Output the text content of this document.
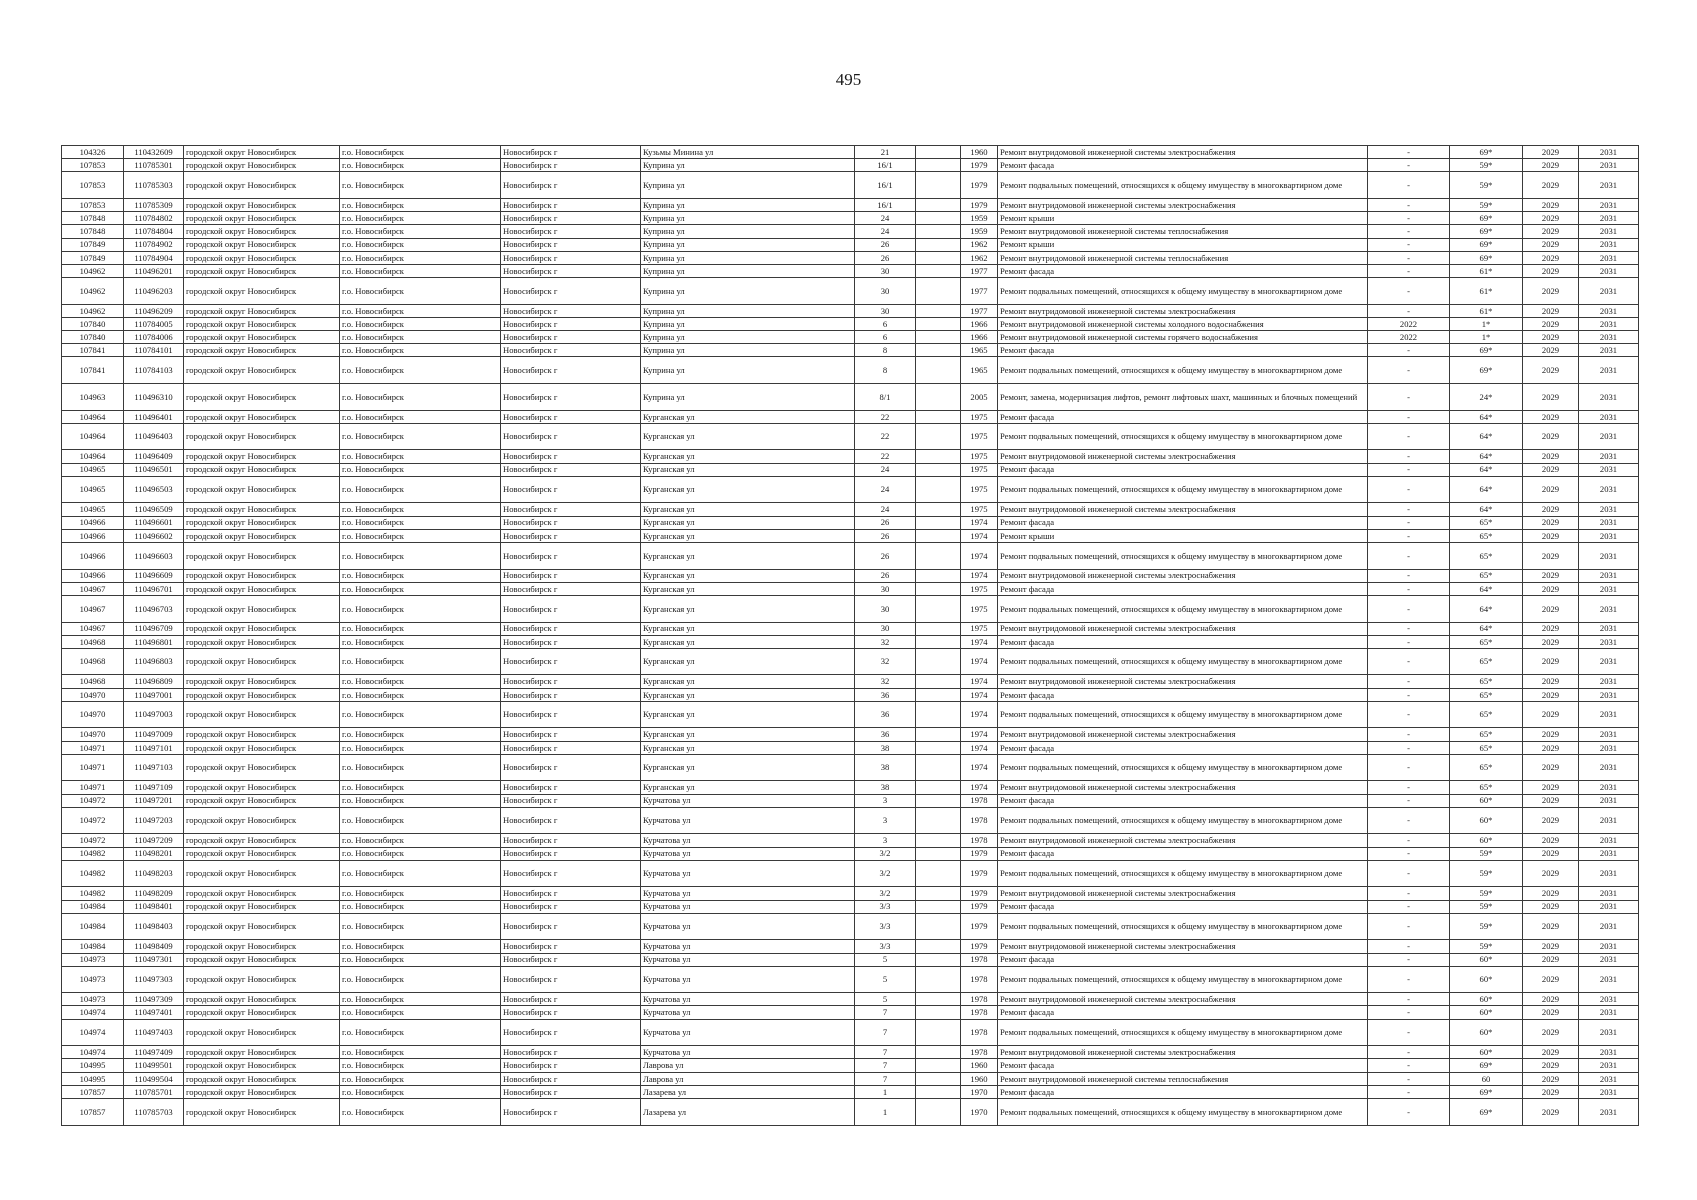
495
104326	110432609	городской округ Новосибирск	г.о. Новосибирск	Новосибирск г	Кузьмы Минина ул	21		1960	Ремонт внутридомовой инженерной системы электроснабжения	-	69*	2029	2031
107853	110785301	городской округ Новосибирск	г.о. Новосибирск	Новосибирск г	Куприна ул	16/1		1979	Ремонт фасада	-	59*	2029	2031
107853	110785303	городской округ Новосибирск	г.о. Новосибирск	Новосибирск г	Куприна ул	16/1		1979	Ремонт подвальных помещений, относящихся к общему имуществу в многоквартирном доме	-	59*	2029	2031
107853	110785309	городской округ Новосибирск	г.о. Новосибирск	Новосибирск г	Куприна ул	16/1		1979	Ремонт внутридомовой инженерной системы электроснабжения	-	59*	2029	2031
107848	110784802	городской округ Новосибирск	г.о. Новосибирск	Новосибирск г	Куприна ул	24		1959	Ремонт крыши	-	69*	2029	2031
107848	110784804	городской округ Новосибирск	г.о. Новосибирск	Новосибирск г	Куприна ул	24		1959	Ремонт внутридомовой инженерной системы теплоснабжения	-	69*	2029	2031
107849	110784902	городской округ Новосибирск	г.о. Новосибирск	Новосибирск г	Куприна ул	26		1962	Ремонт крыши	-	69*	2029	2031
107849	110784904	городской округ Новосибирск	г.о. Новосибирск	Новосибирск г	Куприна ул	26		1962	Ремонт внутридомовой инженерной системы теплоснабжения	-	69*	2029	2031
104962	110496201	городской округ Новосибирск	г.о. Новосибирск	Новосибирск г	Куприна ул	30		1977	Ремонт фасада	-	61*	2029	2031
104962	110496203	городской округ Новосибирск	г.о. Новосибирск	Новосибирск г	Куприна ул	30		1977	Ремонт подвальных помещений, относящихся к общему имуществу в многоквартирном доме	-	61*	2029	2031
104962	110496209	городской округ Новосибирск	г.о. Новосибирск	Новосибирск г	Куприна ул	30		1977	Ремонт внутридомовой инженерной системы электроснабжения	-	61*	2029	2031
107840	110784005	городской округ Новосибирск	г.о. Новосибирск	Новосибирск г	Куприна ул	6		1966	Ремонт внутридомовой инженерной системы холодного водоснабжения	2022	1*	2029	2031
107840	110784006	городской округ Новосибирск	г.о. Новосибирск	Новосибирск г	Куприна ул	6		1966	Ремонт внутридомовой инженерной системы горячего водоснабжения	2022	1*	2029	2031
107841	110784101	городской округ Новосибирск	г.о. Новосибирск	Новосибирск г	Куприна ул	8		1965	Ремонт фасада	-	69*	2029	2031
107841	110784103	городской округ Новосибирск	г.о. Новосибирск	Новосибирск г	Куприна ул	8		1965	Ремонт подвальных помещений, относящихся к общему имуществу в многоквартирном доме	-	69*	2029	2031
104963	110496310	городской округ Новосибирск	г.о. Новосибирск	Новосибирск г	Куприна ул	8/1		2005	Ремонт, замена, модернизация лифтов, ремонт лифтовых шахт, машинных и блочных помещений	-	24*	2029	2031
104964	110496401	городской округ Новосибирск	г.о. Новосибирск	Новосибирск г	Курганская ул	22		1975	Ремонт фасада	-	64*	2029	2031
104964	110496403	городской округ Новосибирск	г.о. Новосибирск	Новосибирск г	Курганская ул	22		1975	Ремонт подвальных помещений, относящихся к общему имуществу в многоквартирном доме	-	64*	2029	2031
104964	110496409	городской округ Новосибирск	г.о. Новосибирск	Новосибирск г	Курганская ул	22		1975	Ремонт внутридомовой инженерной системы электроснабжения	-	64*	2029	2031
104965	110496501	городской округ Новосибирск	г.о. Новосибирск	Новосибирск г	Курганская ул	24		1975	Ремонт фасада	-	64*	2029	2031
104965	110496503	городской округ Новосибирск	г.о. Новосибирск	Новосибирск г	Курганская ул	24		1975	Ремонт подвальных помещений, относящихся к общему имуществу в многоквартирном доме	-	64*	2029	2031
104965	110496509	городской округ Новосибирск	г.о. Новосибирск	Новосибирск г	Курганская ул	24		1975	Ремонт внутридомовой инженерной системы электроснабжения	-	64*	2029	2031
104966	110496601	городской округ Новосибирск	г.о. Новосибирск	Новосибирск г	Курганская ул	26		1974	Ремонт фасада	-	65*	2029	2031
104966	110496602	городской округ Новосибирск	г.о. Новосибирск	Новосибирск г	Курганская ул	26		1974	Ремонт крыши	-	65*	2029	2031
104966	110496603	городской округ Новосибирск	г.о. Новосибирск	Новосибирск г	Курганская ул	26		1974	Ремонт подвальных помещений, относящихся к общему имуществу в многоквартирном доме	-	65*	2029	2031
104966	110496609	городской округ Новосибирск	г.о. Новосибирск	Новосибирск г	Курганская ул	26		1974	Ремонт внутридомовой инженерной системы электроснабжения	-	65*	2029	2031
104967	110496701	городской округ Новосибирск	г.о. Новосибирск	Новосибирск г	Курганская ул	30		1975	Ремонт фасада	-	64*	2029	2031
104967	110496703	городской округ Новосибирск	г.о. Новосибирск	Новосибирск г	Курганская ул	30		1975	Ремонт подвальных помещений, относящихся к общему имуществу в многоквартирном доме	-	64*	2029	2031
104967	110496709	городской округ Новосибирск	г.о. Новосибирск	Новосибирск г	Курганская ул	30		1975	Ремонт внутридомовой инженерной системы электроснабжения	-	64*	2029	2031
104968	110496801	городской округ Новосибирск	г.о. Новосибирск	Новосибирск г	Курганская ул	32		1974	Ремонт фасада	-	65*	2029	2031
104968	110496803	городской округ Новосибирск	г.о. Новосибирск	Новосибирск г	Курганская ул	32		1974	Ремонт подвальных помещений, относящихся к общему имуществу в многоквартирном доме	-	65*	2029	2031
104968	110496809	городской округ Новосибирск	г.о. Новосибирск	Новосибирск г	Курганская ул	32		1974	Ремонт внутридомовой инженерной системы электроснабжения	-	65*	2029	2031
104970	110497001	городской округ Новосибирск	г.о. Новосибирск	Новосибирск г	Курганская ул	36		1974	Ремонт фасада	-	65*	2029	2031
104970	110497003	городской округ Новосибирск	г.о. Новосибирск	Новосибирск г	Курганская ул	36		1974	Ремонт подвальных помещений, относящихся к общему имуществу в многоквартирном доме	-	65*	2029	2031
104970	110497009	городской округ Новосибирск	г.о. Новосибирск	Новосибирск г	Курганская ул	36		1974	Ремонт внутридомовой инженерной системы электроснабжения	-	65*	2029	2031
104971	110497101	городской округ Новосибирск	г.о. Новосибирск	Новосибирск г	Курганская ул	38		1974	Ремонт фасада	-	65*	2029	2031
104971	110497103	городской округ Новосибирск	г.о. Новосибирск	Новосибирск г	Курганская ул	38		1974	Ремонт подвальных помещений, относящихся к общему имуществу в многоквартирном доме	-	65*	2029	2031
104971	110497109	городской округ Новосибирск	г.о. Новосибирск	Новосибирск г	Курганская ул	38		1974	Ремонт внутридомовой инженерной системы электроснабжения	-	65*	2029	2031
104972	110497201	городской округ Новосибирск	г.о. Новосибирск	Новосибирск г	Курчатова ул	3		1978	Ремонт фасада	-	60*	2029	2031
104972	110497203	городской округ Новосибирск	г.о. Новосибирск	Новосибирск г	Курчатова ул	3		1978	Ремонт подвальных помещений, относящихся к общему имуществу в многоквартирном доме	-	60*	2029	2031
104972	110497209	городской округ Новосибирск	г.о. Новосибирск	Новосибирск г	Курчатова ул	3		1978	Ремонт внутридомовой инженерной системы электроснабжения	-	60*	2029	2031
104982	110498201	городской округ Новосибирск	г.о. Новосибирск	Новосибирск г	Курчатова ул	3/2		1979	Ремонт фасада	-	59*	2029	2031
104982	110498203	городской округ Новосибирск	г.о. Новосибирск	Новосибирск г	Курчатова ул	3/2		1979	Ремонт подвальных помещений, относящихся к общему имуществу в многоквартирном доме	-	59*	2029	2031
104982	110498209	городской округ Новосибирск	г.о. Новосибирск	Новосибирск г	Курчатова ул	3/2		1979	Ремонт внутридомовой инженерной системы электроснабжения	-	59*	2029	2031
104984	110498401	городской округ Новосибирск	г.о. Новосибирск	Новосибирск г	Курчатова ул	3/3		1979	Ремонт фасада	-	59*	2029	2031
104984	110498403	городской округ Новосибирск	г.о. Новосибирск	Новосибирск г	Курчатова ул	3/3		1979	Ремонт подвальных помещений, относящихся к общему имуществу в многоквартирном доме	-	59*	2029	2031
104984	110498409	городской округ Новосибирск	г.о. Новосибирск	Новосибирск г	Курчатова ул	3/3		1979	Ремонт внутридомовой инженерной системы электроснабжения	-	59*	2029	2031
104973	110497301	городской округ Новосибирск	г.о. Новосибирск	Новосибирск г	Курчатова ул	5		1978	Ремонт фасада	-	60*	2029	2031
104973	110497303	городской округ Новосибирск	г.о. Новосибирск	Новосибирск г	Курчатова ул	5		1978	Ремонт подвальных помещений, относящихся к общему имуществу в многоквартирном доме	-	60*	2029	2031
104973	110497309	городской округ Новосибирск	г.о. Новосибирск	Новосибирск г	Курчатова ул	5		1978	Ремонт внутридомовой инженерной системы электроснабжения	-	60*	2029	2031
104974	110497401	городской округ Новосибирск	г.о. Новосибирск	Новосибирск г	Курчатова ул	7		1978	Ремонт фасада	-	60*	2029	2031
104974	110497403	городской округ Новосибирск	г.о. Новосибирск	Новосибирск г	Курчатова ул	7		1978	Ремонт подвальных помещений, относящихся к общему имуществу в многоквартирном доме	-	60*	2029	2031
104974	110497409	городской округ Новосибирск	г.о. Новосибирск	Новосибирск г	Курчатова ул	7		1978	Ремонт внутридомовой инженерной системы электроснабжения	-	60*	2029	2031
104995	110499501	городской округ Новосибирск	г.о. Новосибирск	Новосибирск г	Лаврова ул	7		1960	Ремонт фасада	-	69*	2029	2031
104995	110499504	городской округ Новосибирск	г.о. Новосибирск	Новосибирск г	Лаврова ул	7		1960	Ремонт внутридомовой инженерной системы теплоснабжения	-	60	2029	2031
107857	110785701	городской округ Новосибирск	г.о. Новосибирск	Новосибирск г	Лазарева ул	1		1970	Ремонт фасада	-	69*	2029	2031
107857	110785703	городской округ Новосибирск	г.о. Новосибирск	Новосибирск г	Лазарева ул	1		1970	Ремонт подвальных помещений, относящихся к общему имуществу в многоквартирном доме	-	69*	2029	2031
